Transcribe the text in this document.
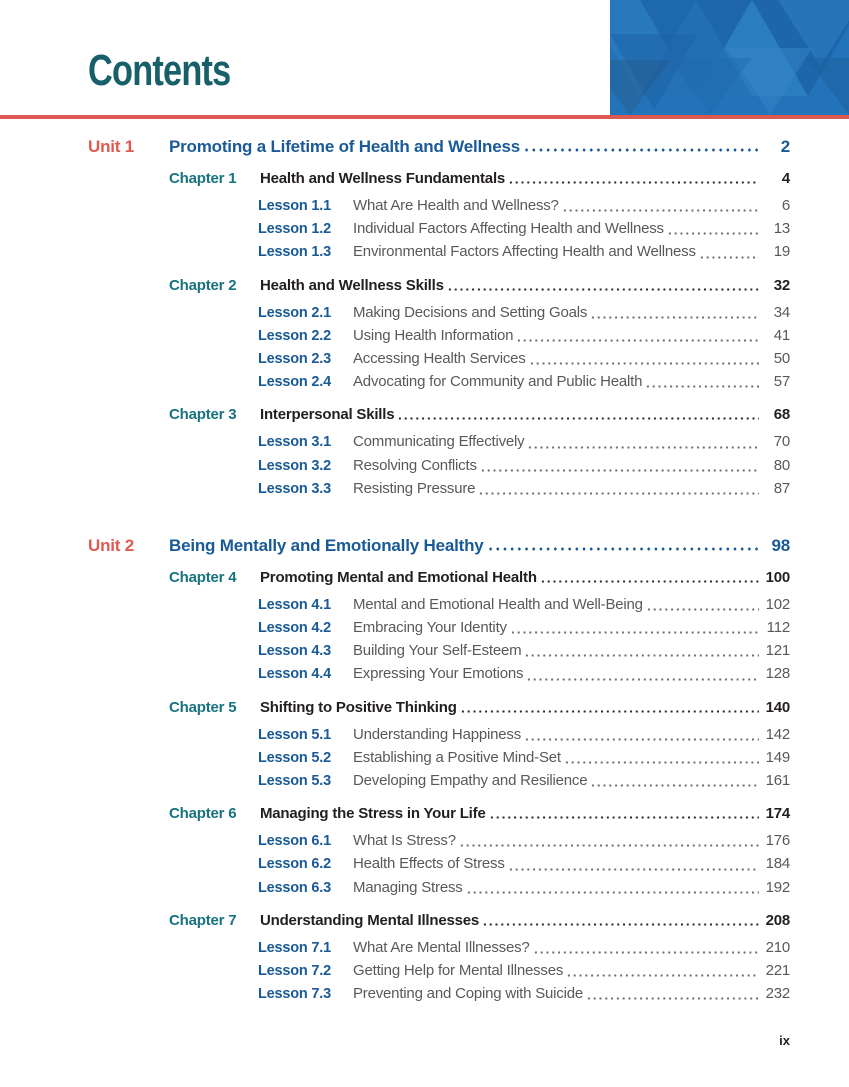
Contents
Unit 1	Promoting a Lifetime of Health and Wellness	2
Chapter 1	Health and Wellness Fundamentals	4
Lesson 1.1	What Are Health and Wellness?	6
Lesson 1.2	Individual Factors Affecting Health and Wellness	13
Lesson 1.3	Environmental Factors Affecting Health and Wellness	19
Chapter 2	Health and Wellness Skills	32
Lesson 2.1	Making Decisions and Setting Goals	34
Lesson 2.2	Using Health Information	41
Lesson 2.3	Accessing Health Services	50
Lesson 2.4	Advocating for Community and Public Health	57
Chapter 3	Interpersonal Skills	68
Lesson 3.1	Communicating Effectively	70
Lesson 3.2	Resolving Conflicts	80
Lesson 3.3	Resisting Pressure	87
Unit 2	Being Mentally and Emotionally Healthy	98
Chapter 4	Promoting Mental and Emotional Health	100
Lesson 4.1	Mental and Emotional Health and Well-Being	102
Lesson 4.2	Embracing Your Identity	112
Lesson 4.3	Building Your Self-Esteem	121
Lesson 4.4	Expressing Your Emotions	128
Chapter 5	Shifting to Positive Thinking	140
Lesson 5.1	Understanding Happiness	142
Lesson 5.2	Establishing a Positive Mind-Set	149
Lesson 5.3	Developing Empathy and Resilience	161
Chapter 6	Managing the Stress in Your Life	174
Lesson 6.1	What Is Stress?	176
Lesson 6.2	Health Effects of Stress	184
Lesson 6.3	Managing Stress	192
Chapter 7	Understanding Mental Illnesses	208
Lesson 7.1	What Are Mental Illnesses?	210
Lesson 7.2	Getting Help for Mental Illnesses	221
Lesson 7.3	Preventing and Coping with Suicide	232
ix
